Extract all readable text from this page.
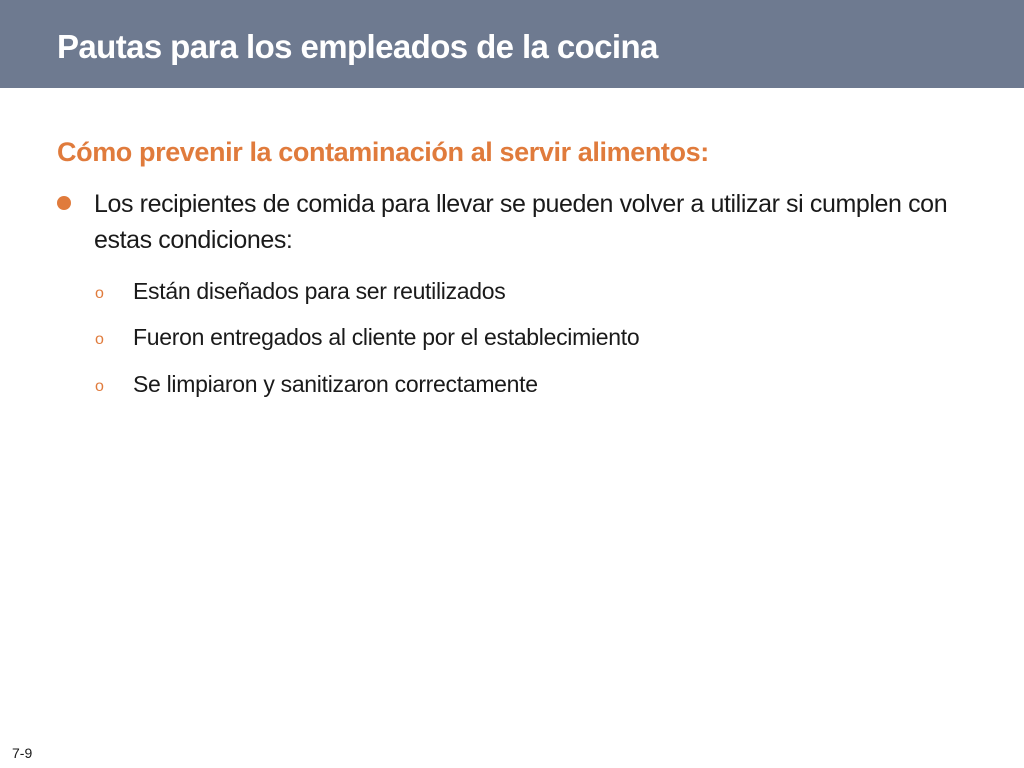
Pautas para los empleados de la cocina
Cómo prevenir la contaminación al servir alimentos:
Los recipientes de comida para llevar se pueden volver a utilizar si cumplen con estas condiciones:
o Están diseñados para ser reutilizados
o Fueron entregados al cliente por el establecimiento
o Se limpiaron y sanitizaron correctamente
7-9
